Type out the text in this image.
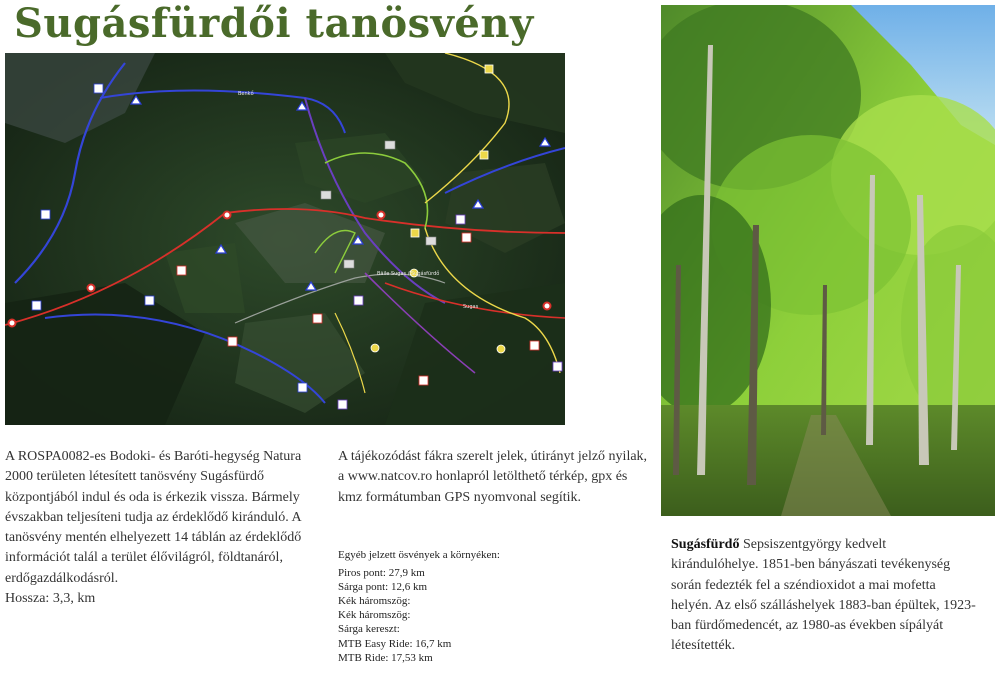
Sugásfürdői tanösvény
Benkő
Băile Sugaș / Sugásfürdő
Sugas

A ROSPA0082-es Bodoki- és Baróti-hegység Natura 2000 területen létesített tanösvény Sugásfürdő központjából indul és oda is érkezik vissza. Bármely évszakban teljesíteni tudja az érdeklődő kiránduló. A tanösvény mentén elhelyezett 14 táblán az érdeklődő információt talál a terület élővilágról, földtanáról, erdőgazdálkodásról.

Hossza: 3,3, km

A tájékozódást fákra szerelt jelek, útirányt jelző nyilak, a www.natcov.ro honlapról letölthető térkép, gpx és kmz formátumban GPS nyomvonal segítik.

Egyéb jelzett ösvények a környéken:
Piros pont: 27,9 km
Sárga pont: 12,6 km
Kék háromszög:
Kék háromszög:
Sárga kereszt:
MTB Easy Ride: 16,7 km
MTB Ride: 17,53 km

Sugásfürdő Sepsiszentgyörgy kedvelt kirándulóhelye. 1851-ben bányászati tevékenység során fedezték fel a széndioxidot a mai mofetta helyén. Az első szálláshelyek 1883-ban épültek, 1923-ban fürdőmedencét, az 1980-as években sípályát létesítették.
